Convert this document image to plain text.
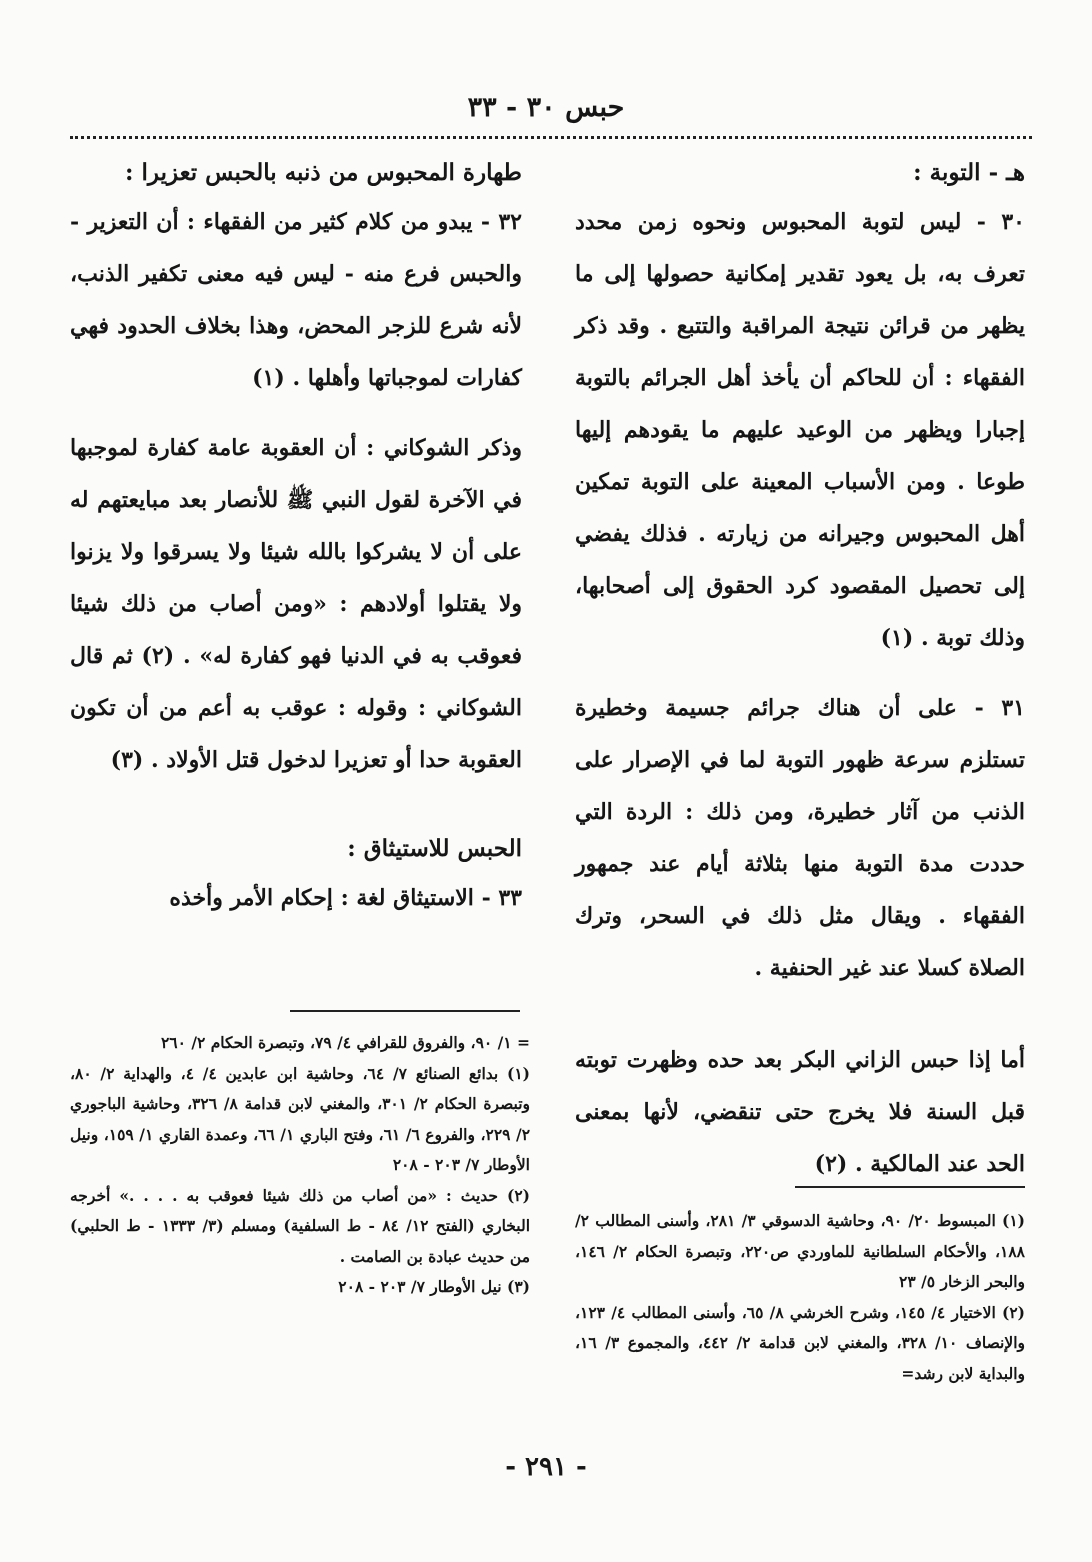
حبس ٣٠ - ٣٣
هـ - التوبة :

٣٠ - ليس لتوبة المحبوس ونحوه زمن محدد تعرف به، بل يعود تقدير إمكانية حصولها إلى ما يظهر من قرائن نتيجة المراقبة والتتبع . وقد ذكر الفقهاء : أن للحاكم أن يأخذ أهل الجرائم بالتوبة إجبارا ويظهر من الوعيد عليهم ما يقودهم إليها طوعا . ومن الأسباب المعينة على التوبة تمكين أهل المحبوس وجيرانه من زيارته . فذلك يفضي إلى تحصيل المقصود كرد الحقوق إلى أصحابها، وذلك توبة . (١)

٣١ - على أن هناك جرائم جسيمة وخطيرة تستلزم سرعة ظهور التوبة لما في الإصرار على الذنب من آثار خطيرة، ومن ذلك : الردة التي حددت مدة التوبة منها بثلاثة أيام عند جمهور الفقهاء . ويقال مثل ذلك في السحر، وترك الصلاة كسلا عند غير الحنفية .

أما إذا حبس الزاني البكر بعد حده وظهرت توبته قبل السنة فلا يخرج حتى تنقضي، لأنها بمعنى الحد عند المالكية . (٢)

طهارة المحبوس من ذنبه بالحبس تعزيرا :

٣٢ - يبدو من كلام كثير من الفقهاء : أن التعزير - والحبس فرع منه - ليس فيه معنى تكفير الذنب، لأنه شرع للزجر المحض، وهذا بخلاف الحدود فهي كفارات لموجباتها وأهلها . (١)

وذكر الشوكاني : أن العقوبة عامة كفارة لموجبها في الآخرة لقول النبي ﷺ للأنصار بعد مبايعتهم له على أن لا يشركوا بالله شيئا ولا يسرقوا ولا يزنوا ولا يقتلوا أولادهم : «ومن أصاب من ذلك شيئا فعوقب به في الدنيا فهو كفارة له» . (٢) ثم قال الشوكاني : وقوله : عوقب به أعم من أن تكون العقوبة حدا أو تعزيرا لدخول قتل الأولاد . (٣)

الحبس للاستيثاق :

٣٣ - الاستيثاق لغة : إحكام الأمر وأخذه

(١) المبسوط ٢٠/ ٩٠، وحاشية الدسوقي ٣/ ٢٨١، وأسنى المطالب ٢/ ١٨٨، والأحكام السلطانية للماوردي ص٢٢٠، وتبصرة الحكام ٢/ ١٤٦، والبحر الزخار ٥/ ٢٣

(٢) الاختيار ٤/ ١٤٥، وشرح الخرشي ٨/ ٦٥، وأسنى المطالب ٤/ ١٢٣، والإنصاف ١٠/ ٣٢٨، والمغني لابن قدامة ٢/ ٤٤٢، والمجموع ٣/ ١٦، والبداية لابن رشد=

= ١/ ٩٠، والفروق للقرافي ٤/ ٧٩، وتبصرة الحكام ٢/ ٢٦٠

(١) بدائع الصنائع ٧/ ٦٤، وحاشية ابن عابدين ٤/ ٤، والهداية ٢/ ٨٠، وتبصرة الحكام ٢/ ٣٠١، والمغني لابن قدامة ٨/ ٣٢٦، وحاشية الباجوري ٢/ ٢٢٩، والفروع ٦/ ٦١، وفتح الباري ١/ ٦٦، وعمدة القاري ١/ ١٥٩، ونيل الأوطار ٧/ ٢٠٣ - ٢٠٨

(٢) حديث : «من أصاب من ذلك شيئا فعوقب به . . . .» أخرجه البخاري (الفتح ١٢/ ٨٤ - ط السلفية) ومسلم (٣/ ١٣٣٣ - ط الحلبي) من حديث عبادة بن الصامت .

(٣) نيل الأوطار ٧/ ٢٠٣ - ٢٠٨

- ٢٩١ -
